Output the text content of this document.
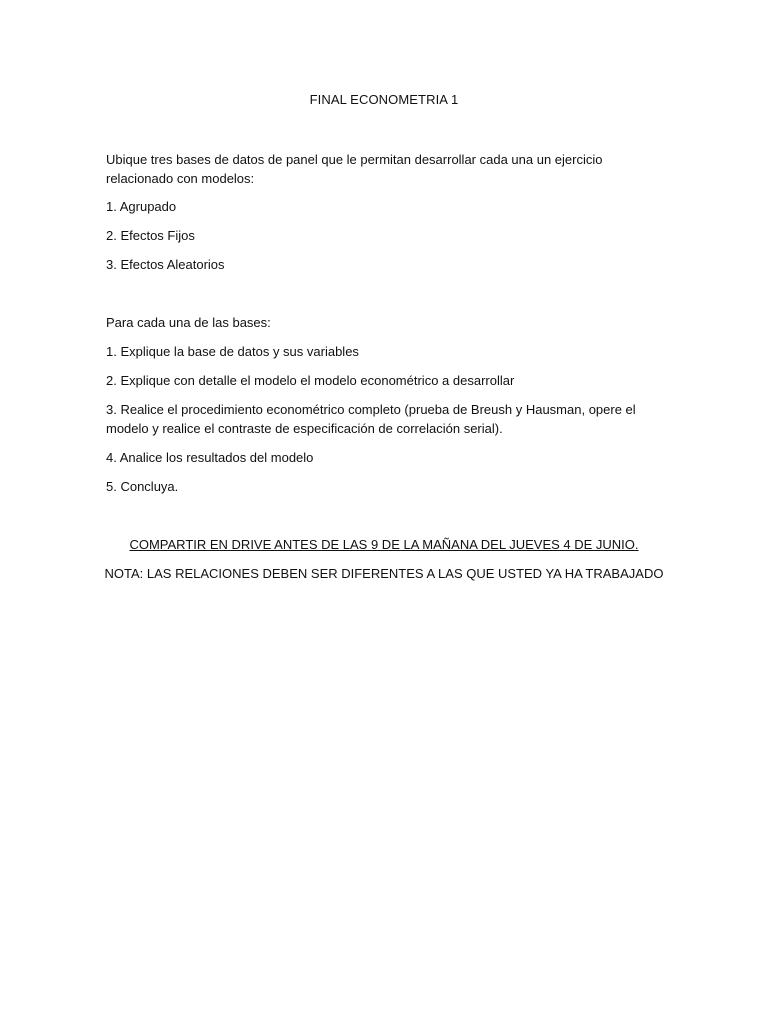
FINAL ECONOMETRIA 1

Ubique tres bases de datos de panel que le permitan desarrollar cada una un ejercicio relacionado con modelos:

1. Agrupado
2. Efectos Fijos
3. Efectos Aleatorios

Para cada una de las bases:

1. Explique la base de datos y sus variables
2. Explique con detalle el modelo el modelo econométrico a desarrollar
3. Realice el procedimiento econométrico completo (prueba de Breush y Hausman, opere el modelo y realice el contraste de especificación de correlación serial).
4. Analice los resultados del modelo
5. Concluya.
COMPARTIR EN DRIVE ANTES DE LAS 9 DE LA MAÑANA DEL JUEVES 4 DE JUNIO.
NOTA: LAS RELACIONES DEBEN SER DIFERENTES A LAS QUE USTED YA HA TRABAJADO
